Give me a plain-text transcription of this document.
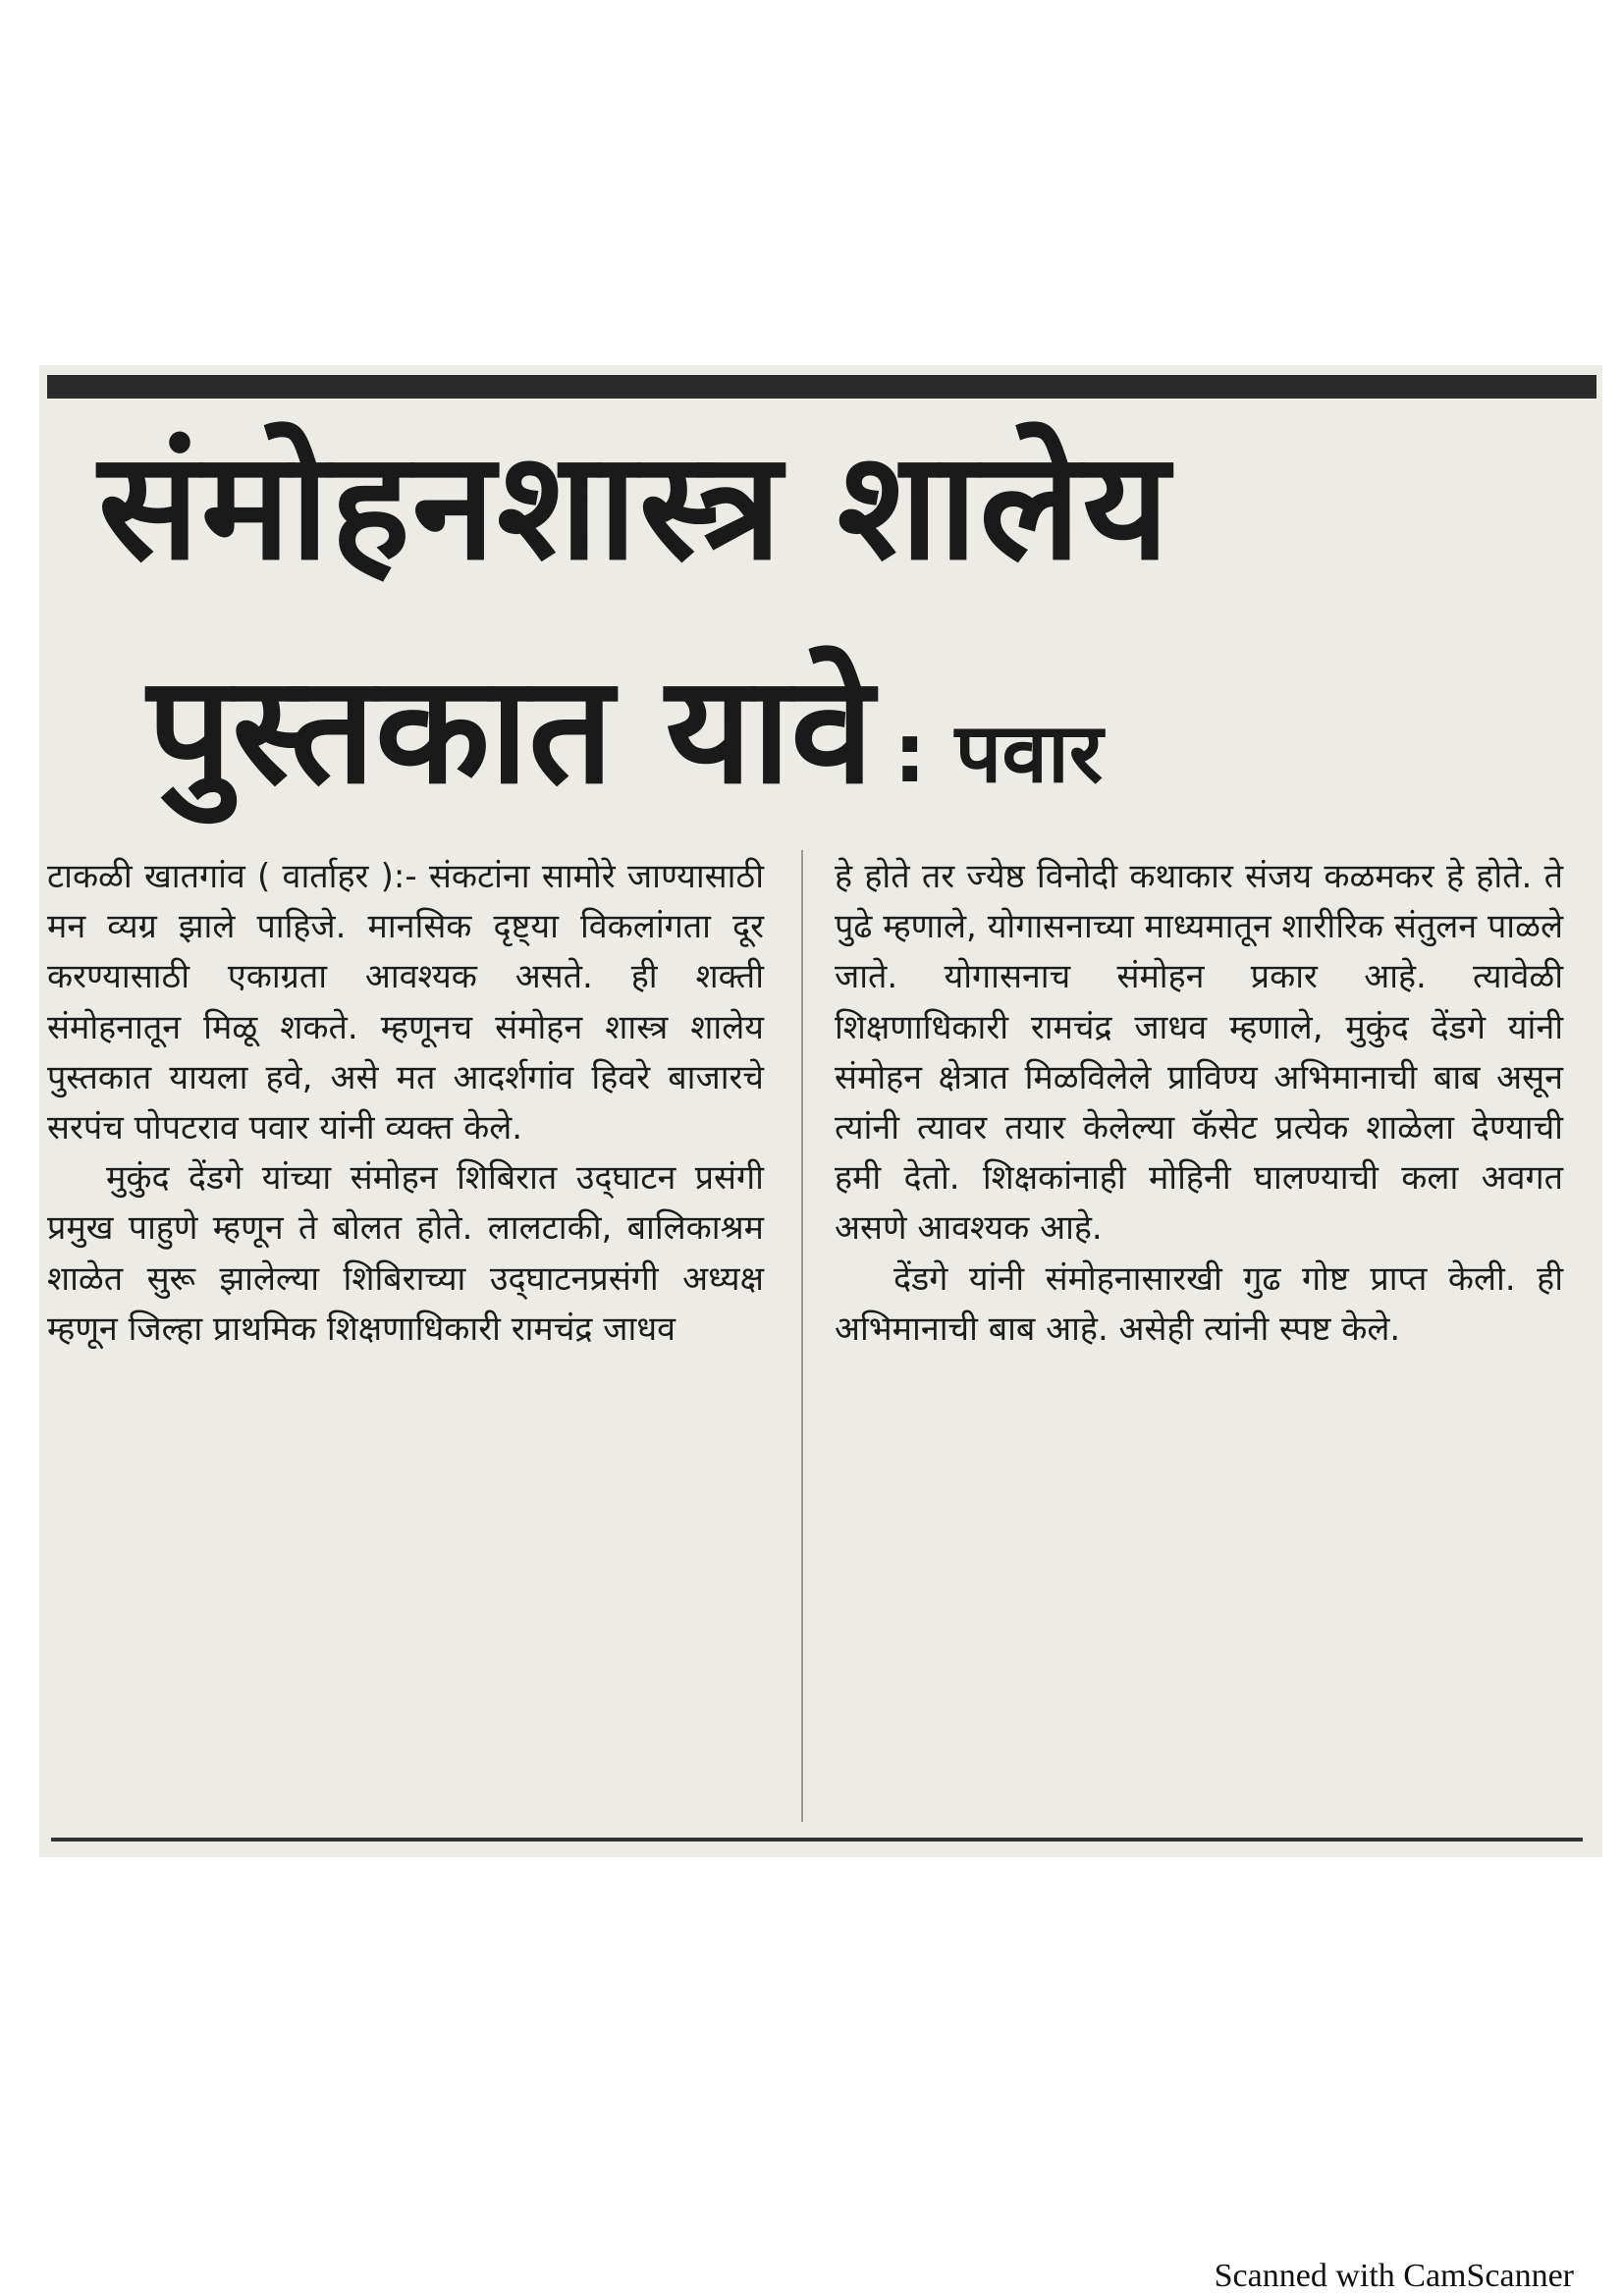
संमोहनशास्त्र शालेय
पुस्तकात यावे : पवार

टाकळी खातगांव ( वार्ताहर ):- संकटांना सामोरे जाण्यासाठी मन व्यग्र झाले पाहिजे. मानसिक दृष्ट्या विकलांगता दूर करण्यासाठी एकाग्रता आवश्यक असते. ही शक्ती संमोहनातून मिळू शकते. म्हणूनच संमोहन शास्त्र शालेय पुस्तकात यायला हवे, असे मत आदर्शगांव हिवरे बाजारचे सरपंच पोपटराव पवार यांनी व्यक्त केले.

मुकुंद देंडगे यांच्या संमोहन शिबिरात उद्‌घाटन प्रसंगी प्रमुख पाहुणे म्हणून ते बोलत होते. लालटाकी, बालिकाश्रम शाळेत सुरू झालेल्या शिबिराच्या उद्‌घाटनप्रसंगी अध्यक्ष म्हणून जिल्हा प्राथमिक शिक्षणाधिकारी रामचंद्र जाधव

हे होते तर ज्येष्ठ विनोदी कथाकार संजय कळमकर हे होते. ते पुढे म्हणाले, योगासनाच्या माध्यमातून शारीरिक संतुलन पाळले जाते. योगासनाच संमोहन प्रकार आहे. त्यावेळी शिक्षणाधिकारी रामचंद्र जाधव म्हणाले, मुकुंद देंडगे यांनी संमोहन क्षेत्रात मिळविलेले प्राविण्य अभिमानाची बाब असून त्यांनी त्यावर तयार केलेल्या कॅसेट प्रत्येक शाळेला देण्याची हमी देतो. शिक्षकांनाही मोहिनी घालण्याची कला अवगत असणे आवश्यक आहे.

देंडगे यांनी संमोहनासारखी गुढ गोष्ट प्राप्त केली. ही अभिमानाची बाब आहे. असेही त्यांनी स्पष्ट केले.

Scanned with CamScanner
